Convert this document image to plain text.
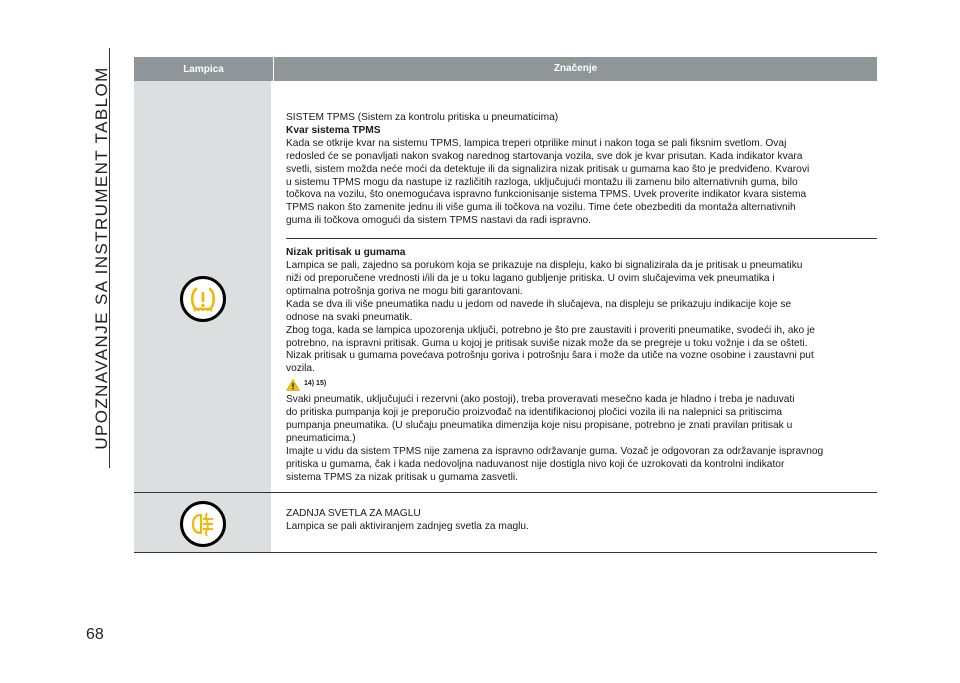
UPOZNAVANJE SA INSTRUMENT TABLOM
68
Lampica	Značenje

SISTEM TPMS (Sistem za kontrolu pritiska u pneumaticima)

Kvar sistema TPMS

Kada se otkrije kvar na sistemu TPMS, lampica treperi otprilike minut i nakon toga se pali fiksnim svetlom. Ovaj

redosled će se ponavljati nakon svakog narednog startovanja vozila, sve dok je kvar prisutan. Kada indikator kvara

svetli, sistem možda neće moći da detektuje ili da signalizira nizak pritisak u gumama kao što je predviđeno. Kvarovi

u sistemu TPMS mogu da nastupe iz različitih razloga, uključujući montažu ili zamenu bilo alternativnih guma, bilo

točkova na vozilu, što onemogućava ispravno funkcionisanje sistema TPMS. Uvek proverite indikator kvara sistema

TPMS nakon što zamenite jednu ili više guma ili točkova na vozilu. Time ćete obezbediti da montaža alternativnih

guma ili točkova omogući da sistem TPMS nastavi da radi ispravno.

Nizak pritisak u gumama

Lampica se pali, zajedno sa porukom koja se prikazuje na displeju, kako bi signalizirala da je pritisak u pneumatiku

niži od preporučene vrednosti i/ili da je u toku lagano gubljenje pritiska. U ovim slučajevima vek pneumatika i

optimalna potrošnja goriva ne mogu biti garantovani.

Kada se dva ili više pneumatika nadu u jedom od navede ih slučajeva, na displeju se prikazuju indikacije koje se

odnose na svaki pneumatik.

Zbog toga, kada se lampica upozorenja uključi, potrebno je što pre zaustaviti i proveriti pneumatike, svodeći ih, ako je

potrebno, na ispravni pritisak. Guma u kojoj je pritisak suviše nizak može da se pregreje u toku vožnje i da se ošteti.

Nizak pritisak u gumama povećava potrošnju goriva i potrošnju šara i može da utiče na vozne osobine i zaustavni put

vozila.

14) 15)

Svaki pneumatik, uključujući i rezervni (ako postoji), treba proveravati mesečno kada je hladno i treba je naduvati

do pritiska pumpanja koji je preporučio proizvođač na identifikacionoj pločici vozila ili na nalepnici sa pritiscima

pumpanja pneumatika. (U slučaju pneumatika dimenzija koje nisu propisane, potrebno je znati pravilan pritisak u

pneumaticima.)

Imajte u vidu da sistem TPMS nije zamena za ispravno održavanje guma. Vozač je odgovoran za održavanje ispravnog

pritiska u gumama, čak i kada nedovoljna naduvanost nije dostigla nivo koji će uzrokovati da kontrolni indikator

sistema TPMS za nizak pritisak u gumama zasvetli.

ZADNJA SVETLA ZA MAGLU

Lampica se pali aktiviranjem zadnjeg svetla za maglu.
